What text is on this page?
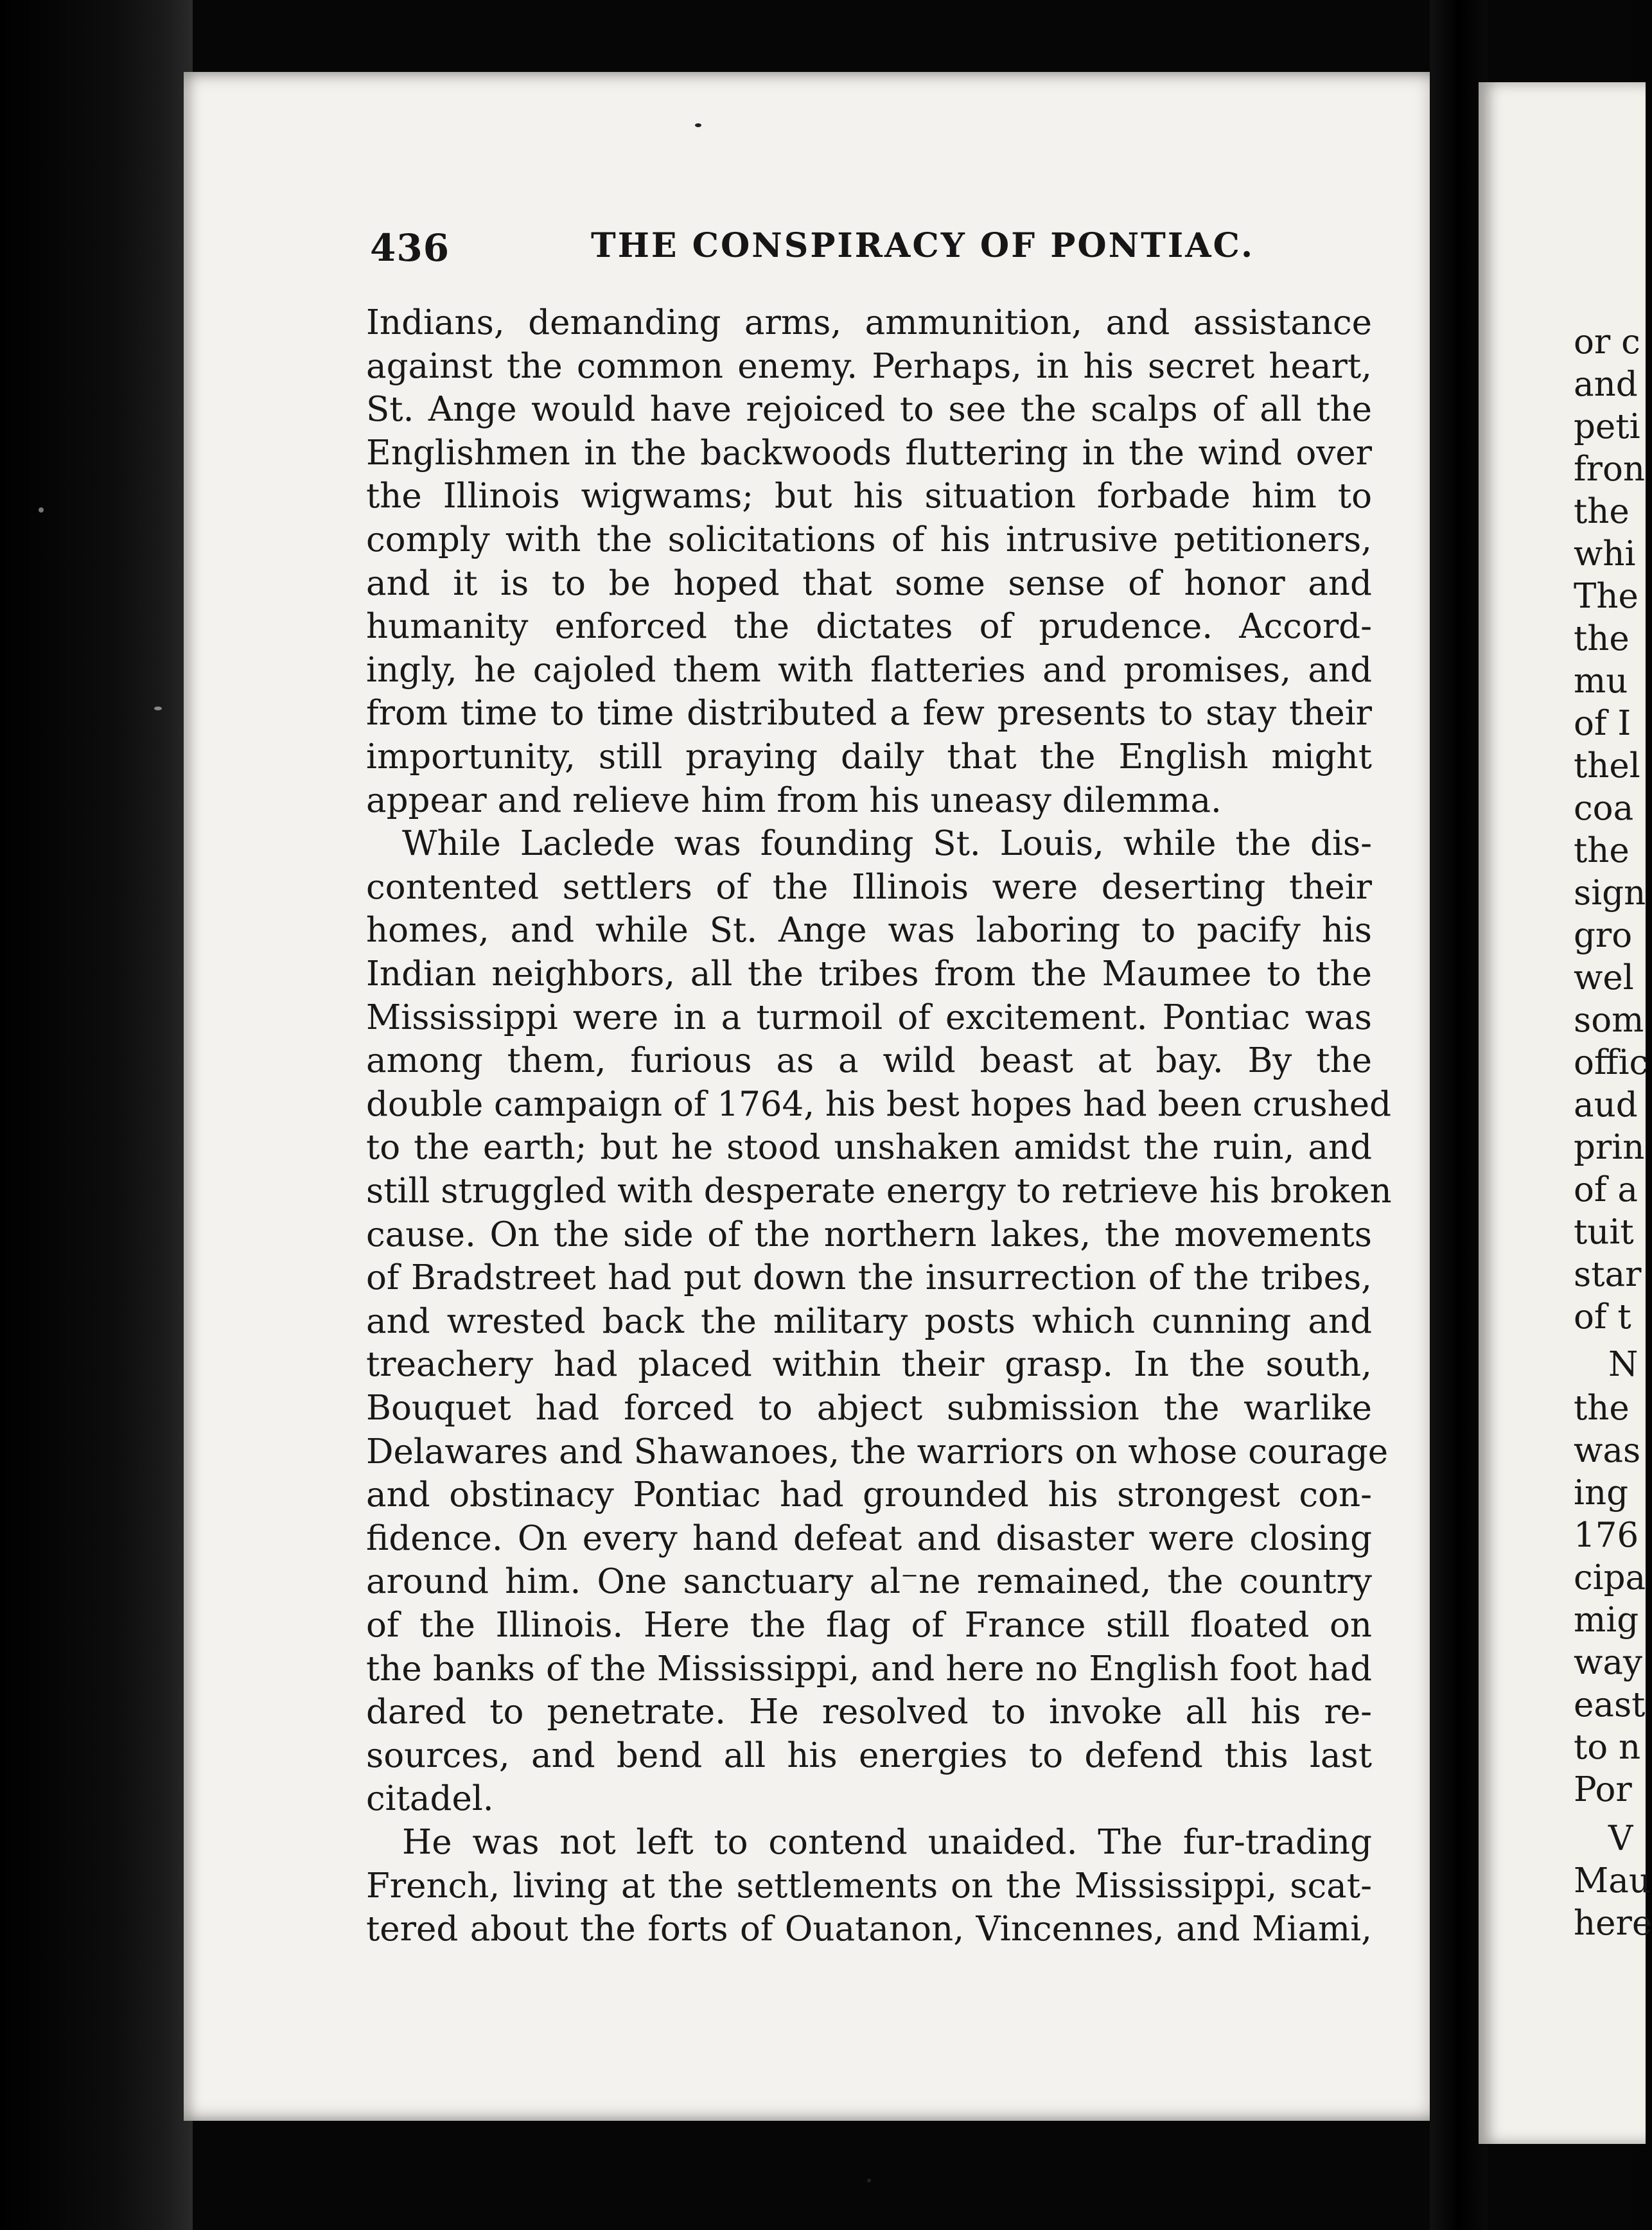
436	THE CONSPIRACY OF PONTIAC.
Indians, demanding arms, ammunition, and assistance
against the common enemy. Perhaps, in his secret heart,
St. Ange would have rejoiced to see the scalps of all the
Englishmen in the backwoods fluttering in the wind over
the Illinois wigwams; but his situation forbade him to
comply with the solicitations of his intrusive petitioners,
and it is to be hoped that some sense of honor and
humanity enforced the dictates of prudence. Accord-
ingly, he cajoled them with flatteries and promises, and
from time to time distributed a few presents to stay their
importunity, still praying daily that the English might
appear and relieve him from his uneasy dilemma.
While Laclede was founding St. Louis, while the dis-
contented settlers of the Illinois were deserting their
homes, and while St. Ange was laboring to pacify his
Indian neighbors, all the tribes from the Maumee to the
Mississippi were in a turmoil of excitement. Pontiac was
among them, furious as a wild beast at bay. By the
double campaign of 1764, his best hopes had been crushed
to the earth; but he stood unshaken amidst the ruin, and
still struggled with desperate energy to retrieve his broken
cause. On the side of the northern lakes, the movements
of Bradstreet had put down the insurrection of the tribes,
and wrested back the military posts which cunning and
treachery had placed within their grasp. In the south,
Bouquet had forced to abject submission the warlike
Delawares and Shawanoes, the warriors on whose courage
and obstinacy Pontiac had grounded his strongest con-
fidence. On every hand defeat and disaster were closing
around him. One sanctuary al⁻ne remained, the country
of the Illinois. Here the flag of France still floated on
the banks of the Mississippi, and here no English foot had
dared to penetrate. He resolved to invoke all his re-
sources, and bend all his energies to defend this last
citadel.
He was not left to contend unaided. The fur-trading
French, living at the settlements on the Mississippi, scat-
tered about the forts of Ouatanon, Vincennes, and Miami,
or c
and
peti
fron
the
whi
The
the
mu
of I
thel
coa
the
sign
gro
wel
som
offic
aud
prin
of a
tuit
star
of t
N
the
was
ing
176
cipa
mig
way
east
to n
Por
V
Mau
here
